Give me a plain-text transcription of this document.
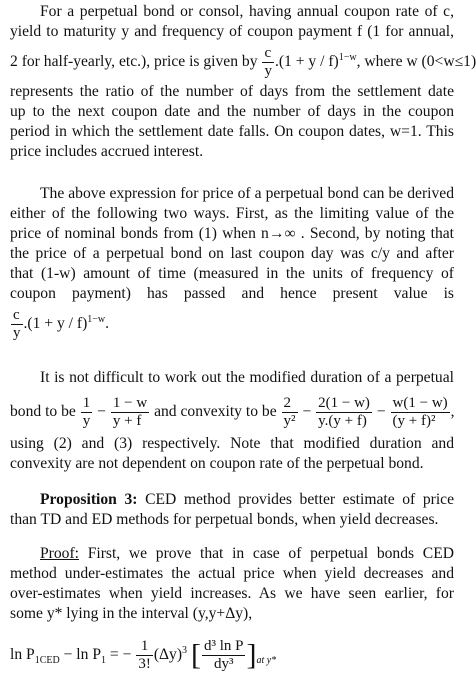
For a perpetual bond or consol, having annual coupon rate of c,
yield to maturity y and frequency of coupon payment f (1 for annual,
2 for half-yearly, etc.), price is given by $\frac{c}{y} .(1 + y / f)^{1-w}$, where w (0<w≤1)
represents the ratio of the number of days from the settlement date
up to the next coupon date and the number of days in the coupon
period in which the settlement date falls. On coupon dates, w=1. This
price includes accrued interest.
The above expression for price of a perpetual bond can be derived
either of the following two ways. First, as the limiting value of the
price of nominal bonds from (1) when n→∞ . Second, by noting that
the price of a perpetual bond on last coupon day was c/y and after
that (1-w) amount of time (measured in the units of frequency of
coupon payment) has passed and hence present value is
$\frac{c}{y} .(1 + y / f)^{1-w}$.
It is not difficult to work out the modified duration of a perpetual
bond to be $\frac{1}{y} - \frac{1 - w}{y + f}$ and convexity to be $\frac{2}{\text{y²}} - \frac{2(1 - w)}{y.(y + f)} - \frac{w(1 - w)}{\text{(y + f)²}}$ ,
using (2) and (3) respectively. Note that modified duration and
convexity are not dependent on coupon rate of the perpetual bond.
Proposition 3: CED method provides better estimate of price
than TD and ED methods for perpetual bonds, when yield decreases.
Proof: First, we prove that in case of perpetual bonds CED
method under-estimates the actual price when yield decreases and
over-estimates when yield increases. As we have seen earlier, for
some y* lying in the interval (y,y+Δy),
$\ln P_{1CED} - \ln P_1$ = − $\frac{1}{3!} (\Delta y)^3$ [ $\frac{\text{d³ ln P}}{\text{dy³}} ]_{at y*}$
